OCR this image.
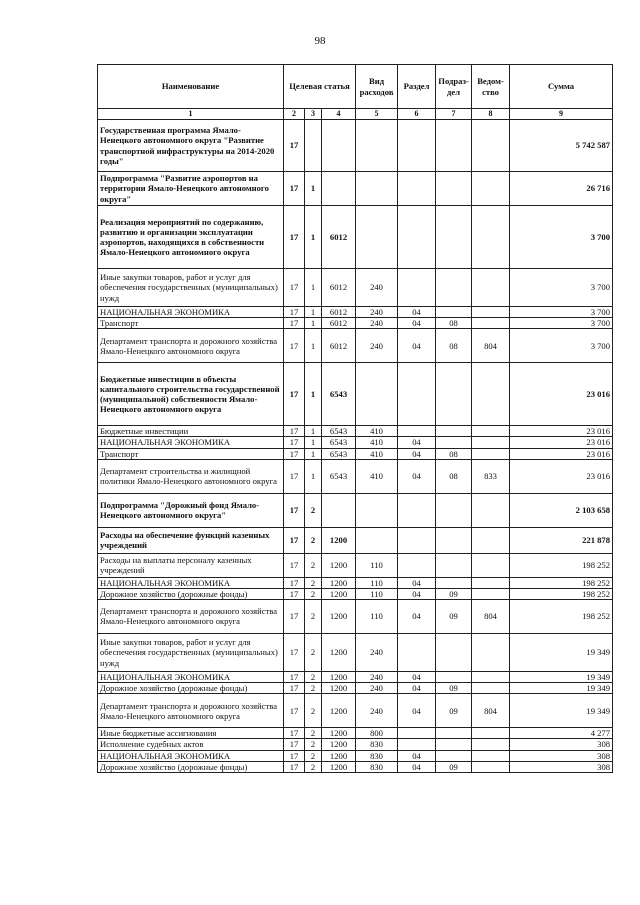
98
Наименование	Целевая статья			Вид расходов	Раздел	Подраз- дел	Ведом- ство	Сумма
1	2	3	4	5	6	7	8	9
Государственная программа Ямало-Ненецкого автономного округа "Развитие транспортной инфраструктуры на 2014-2020 годы"	17							5 742 587
Подпрограмма "Развитие аэропортов на территории Ямало-Ненецкого автономного округа"	17	1						26 716
Реализация мероприятий по содержанию, развитию и организации эксплуатации аэропортов, находящихся в собственности Ямало-Ненецкого автономного округа	17	1	6012					3 700
Иные закупки товаров, работ и услуг для обеспечения государственных (муниципальных) нужд	17	1	6012	240				3 700
НАЦИОНАЛЬНАЯ ЭКОНОМИКА	17	1	6012	240	04			3 700
Транспорт	17	1	6012	240	04	08		3 700
Департамент транспорта и дорожного хозяйства Ямало-Ненецкого автономного округа	17	1	6012	240	04	08	804	3 700
Бюджетные инвестиции в объекты капитального строительства государственной (муниципальной) собственности Ямало-Ненецкого автономного округа	17	1	6543					23 016
Бюджетные инвестиции	17	1	6543	410				23 016
НАЦИОНАЛЬНАЯ ЭКОНОМИКА	17	1	6543	410	04			23 016
Транспорт	17	1	6543	410	04	08		23 016
Департамент строительства и жилищной политики Ямало-Ненецкого автономного округа	17	1	6543	410	04	08	833	23 016
Подпрограмма "Дорожный фонд Ямало-Ненецкого автономного округа"	17	2						2 103 658
Расходы на обеспечение функций казенных учреждений	17	2	1200					221 878
Расходы на выплаты персоналу казенных учреждений	17	2	1200	110				198 252
НАЦИОНАЛЬНАЯ ЭКОНОМИКА	17	2	1200	110	04			198 252
Дорожное хозяйство (дорожные фонды)	17	2	1200	110	04	09		198 252
Департамент транспорта и дорожного хозяйства Ямало-Ненецкого автономного округа	17	2	1200	110	04	09	804	198 252
Иные закупки товаров, работ и услуг для обеспечения государственных (муниципальных) нужд	17	2	1200	240				19 349
НАЦИОНАЛЬНАЯ ЭКОНОМИКА	17	2	1200	240	04			19 349
Дорожное хозяйство (дорожные фонды)	17	2	1200	240	04	09		19 349
Департамент транспорта и дорожного хозяйства Ямало-Ненецкого автономного округа	17	2	1200	240	04	09	804	19 349
Иные бюджетные ассигнования	17	2	1200	800				4 277
Исполнение судебных актов	17	2	1200	830				308
НАЦИОНАЛЬНАЯ ЭКОНОМИКА	17	2	1200	830	04			308
Дорожное хозяйство (дорожные фонды)	17	2	1200	830	04	09		308
